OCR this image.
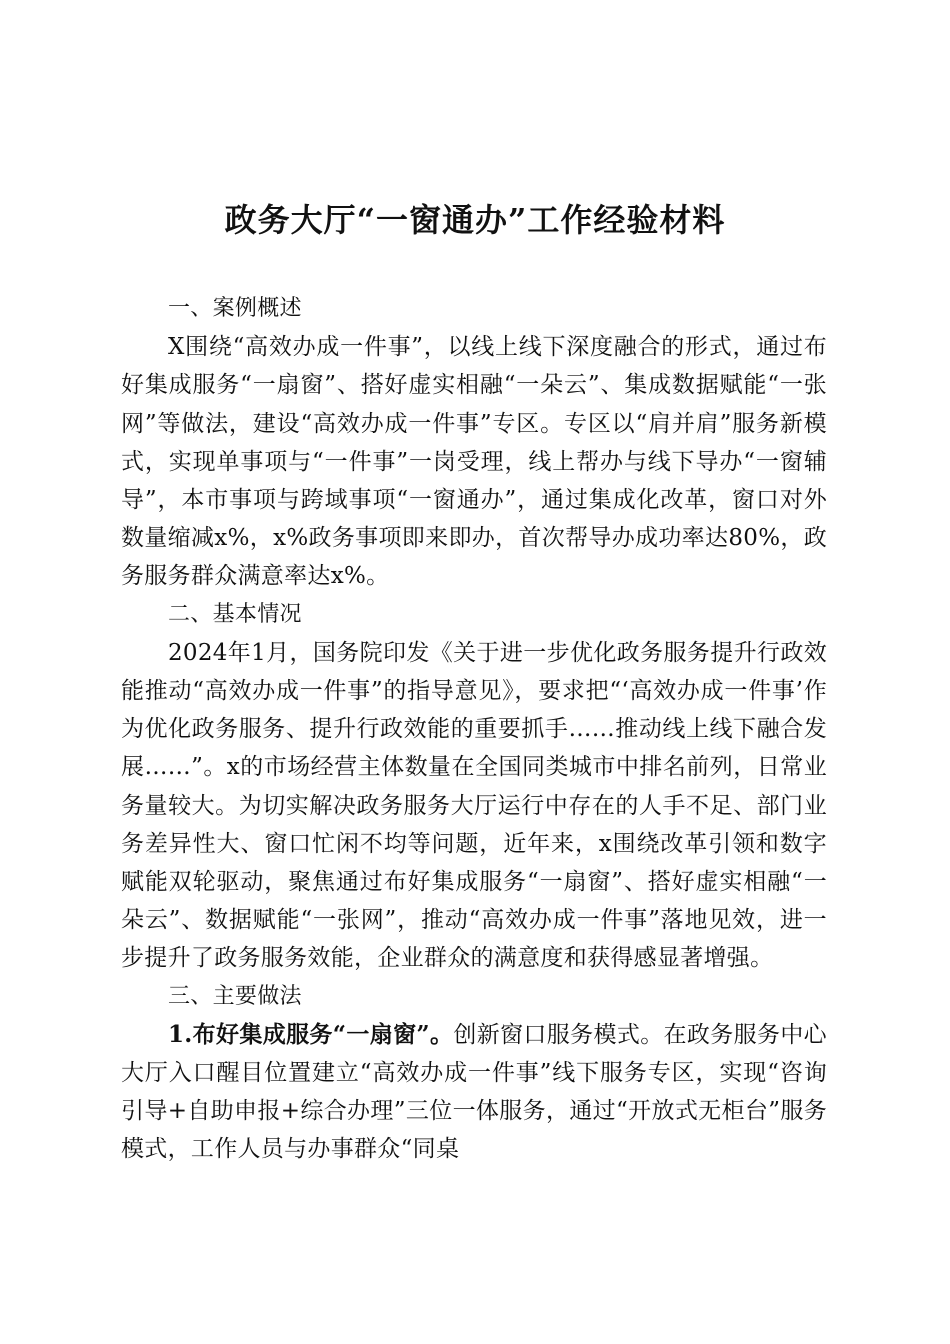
政务大厅“一窗通办”工作经验材料

一、案例概述

X围绕“高效办成一件事”，以线上线下深度融合的形式，通过布好集成服务“一扇窗”、搭好虚实相融“一朵云”、集成数据赋能“一张网”等做法，建设“高效办成一件事”专区。专区以“肩并肩”服务新模式，实现单事项与“一件事”一岗受理，线上帮办与线下导办“一窗辅导”，本市事项与跨域事项“一窗通办”，通过集成化改革，窗口对外数量缩减x%，x%政务事项即来即办，首次帮导办成功率达80%，政务服务群众满意率达x%。

二、基本情况

2024年1月，国务院印发《关于进一步优化政务服务提升行政效能推动“高效办成一件事”的指导意见》，要求把“‘高效办成一件事’作为优化政务服务、提升行政效能的重要抓手……推动线上线下融合发展……”。x的市场经营主体数量在全国同类城市中排名前列，日常业务量较大。为切实解决政务服务大厅运行中存在的人手不足、部门业务差异性大、窗口忙闲不均等问题，近年来，x围绕改革引领和数字赋能双轮驱动，聚焦通过布好集成服务“一扇窗”、搭好虚实相融“一朵云”、数据赋能“一张网”，推动“高效办成一件事”落地见效，进一步提升了政务服务效能，企业群众的满意度和获得感显著增强。

三、主要做法

1.布好集成服务“一扇窗”。创新窗口服务模式。在政务服务中心大厅入口醒目位置建立“高效办成一件事”线下服务专区，实现“咨询引导+自助申报+综合办理”三位一体服务，通过“开放式无柜台”服务模式，工作人员与办事群众“同桌
